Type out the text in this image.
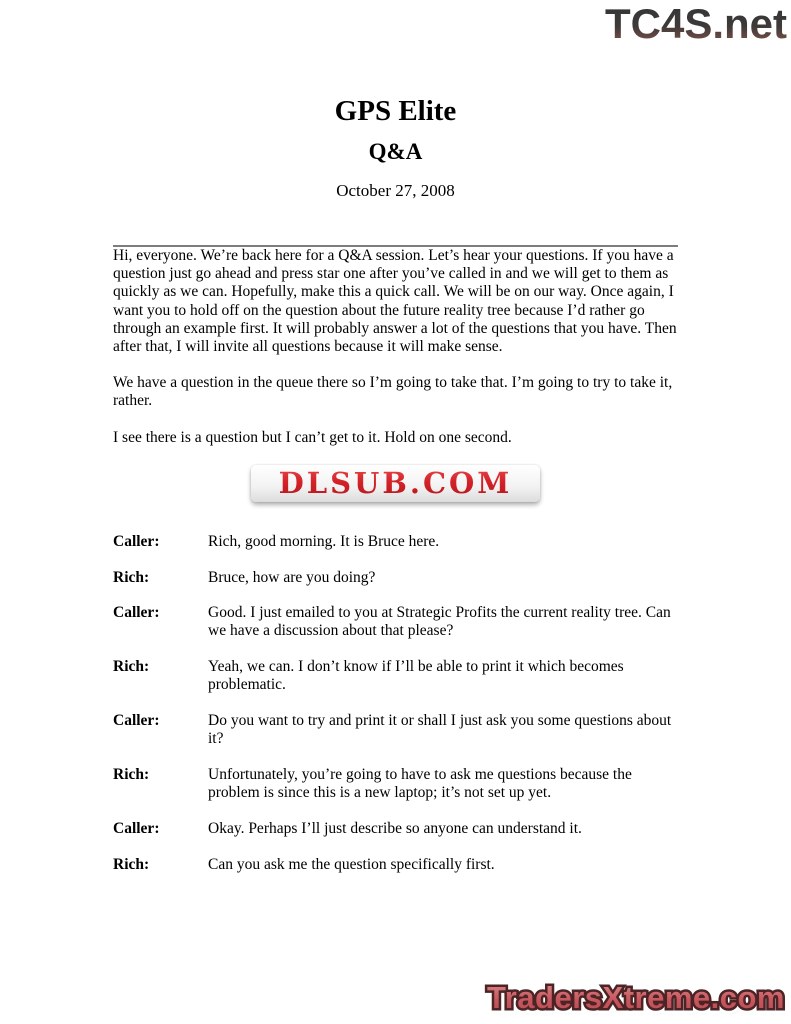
TC4S.net
GPS Elite
Q&A
October 27, 2008

Hi, everyone. We’re back here for a Q&A session. Let’s hear your questions. If you have a question just go ahead and press star one after you’ve called in and we will get to them as quickly as we can. Hopefully, make this a quick call. We will be on our way. Once again, I want you to hold off on the question about the future reality tree because I’d rather go through an example first. It will probably answer a lot of the questions that you have. Then after that, I will invite all questions because it will make sense.

We have a question in the queue there so I’m going to take that. I’m going to try to take it, rather.

I see there is a question but I can’t get to it. Hold on one second.

DLSUB.COM DLSUB.COM
Caller:	Rich, good morning. It is Bruce here.
Rich:	Bruce, how are you doing?
Caller:	Good. I just emailed to you at Strategic Profits the current reality tree. Can we have a discussion about that please?
Rich:	Yeah, we can. I don’t know if I’ll be able to print it which becomes problematic.
Caller:	Do you want to try and print it or shall I just ask you some questions about it?
Rich:	Unfortunately, you’re going to have to ask me questions because the problem is since this is a new laptop; it’s not set up yet.
Caller:	Okay. Perhaps I’ll just describe so anyone can understand it.
Rich:	Can you ask me the question specifically first.
TradersXtreme.com TradersXtreme.com TradersXtreme.com
